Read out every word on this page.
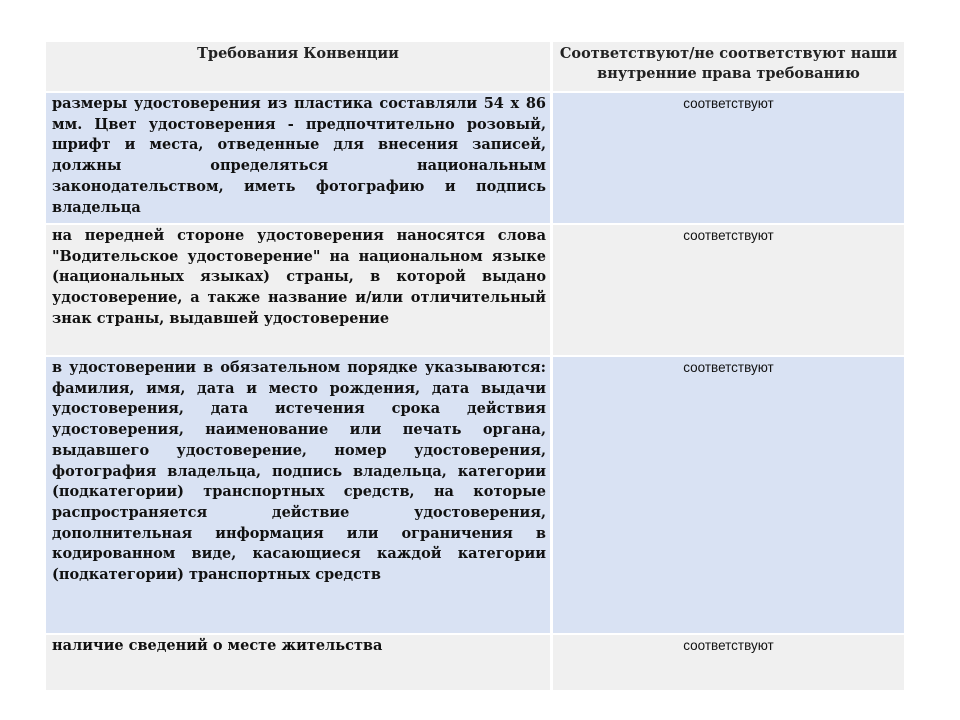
Требования Конвенции	Соответствуют/не соответствуют наши внутренние права требованию
размеры удостоверения из пластика составляли 54 x 86 мм. Цвет удостоверения - предпочтительно розовый, шрифт и места, отведенные для внесения записей, должны определяться национальным законодательством, иметь фотографию и подпись владельца
соответствуют
на передней стороне удостоверения наносятся слова "Водительское удостоверение" на национальном языке (национальных языках) страны, в которой выдано удостоверение, а также название и/или отличительный знак страны, выдавшей удостоверение
соответствуют
в удостоверении в обязательном порядке указываются: фамилия, имя, дата и место рождения, дата выдачи удостоверения, дата истечения срока действия удостоверения, наименование или печать органа, выдавшего удостоверение, номер удостоверения, фотография владельца, подпись владельца, категории (подкатегории) транспортных средств, на которые распространяется действие удостоверения, дополнительная информация или ограничения в кодированном виде, касающиеся каждой категории (подкатегории) транспортных средств
соответствуют
наличие сведений о месте жительства	соответствуют
